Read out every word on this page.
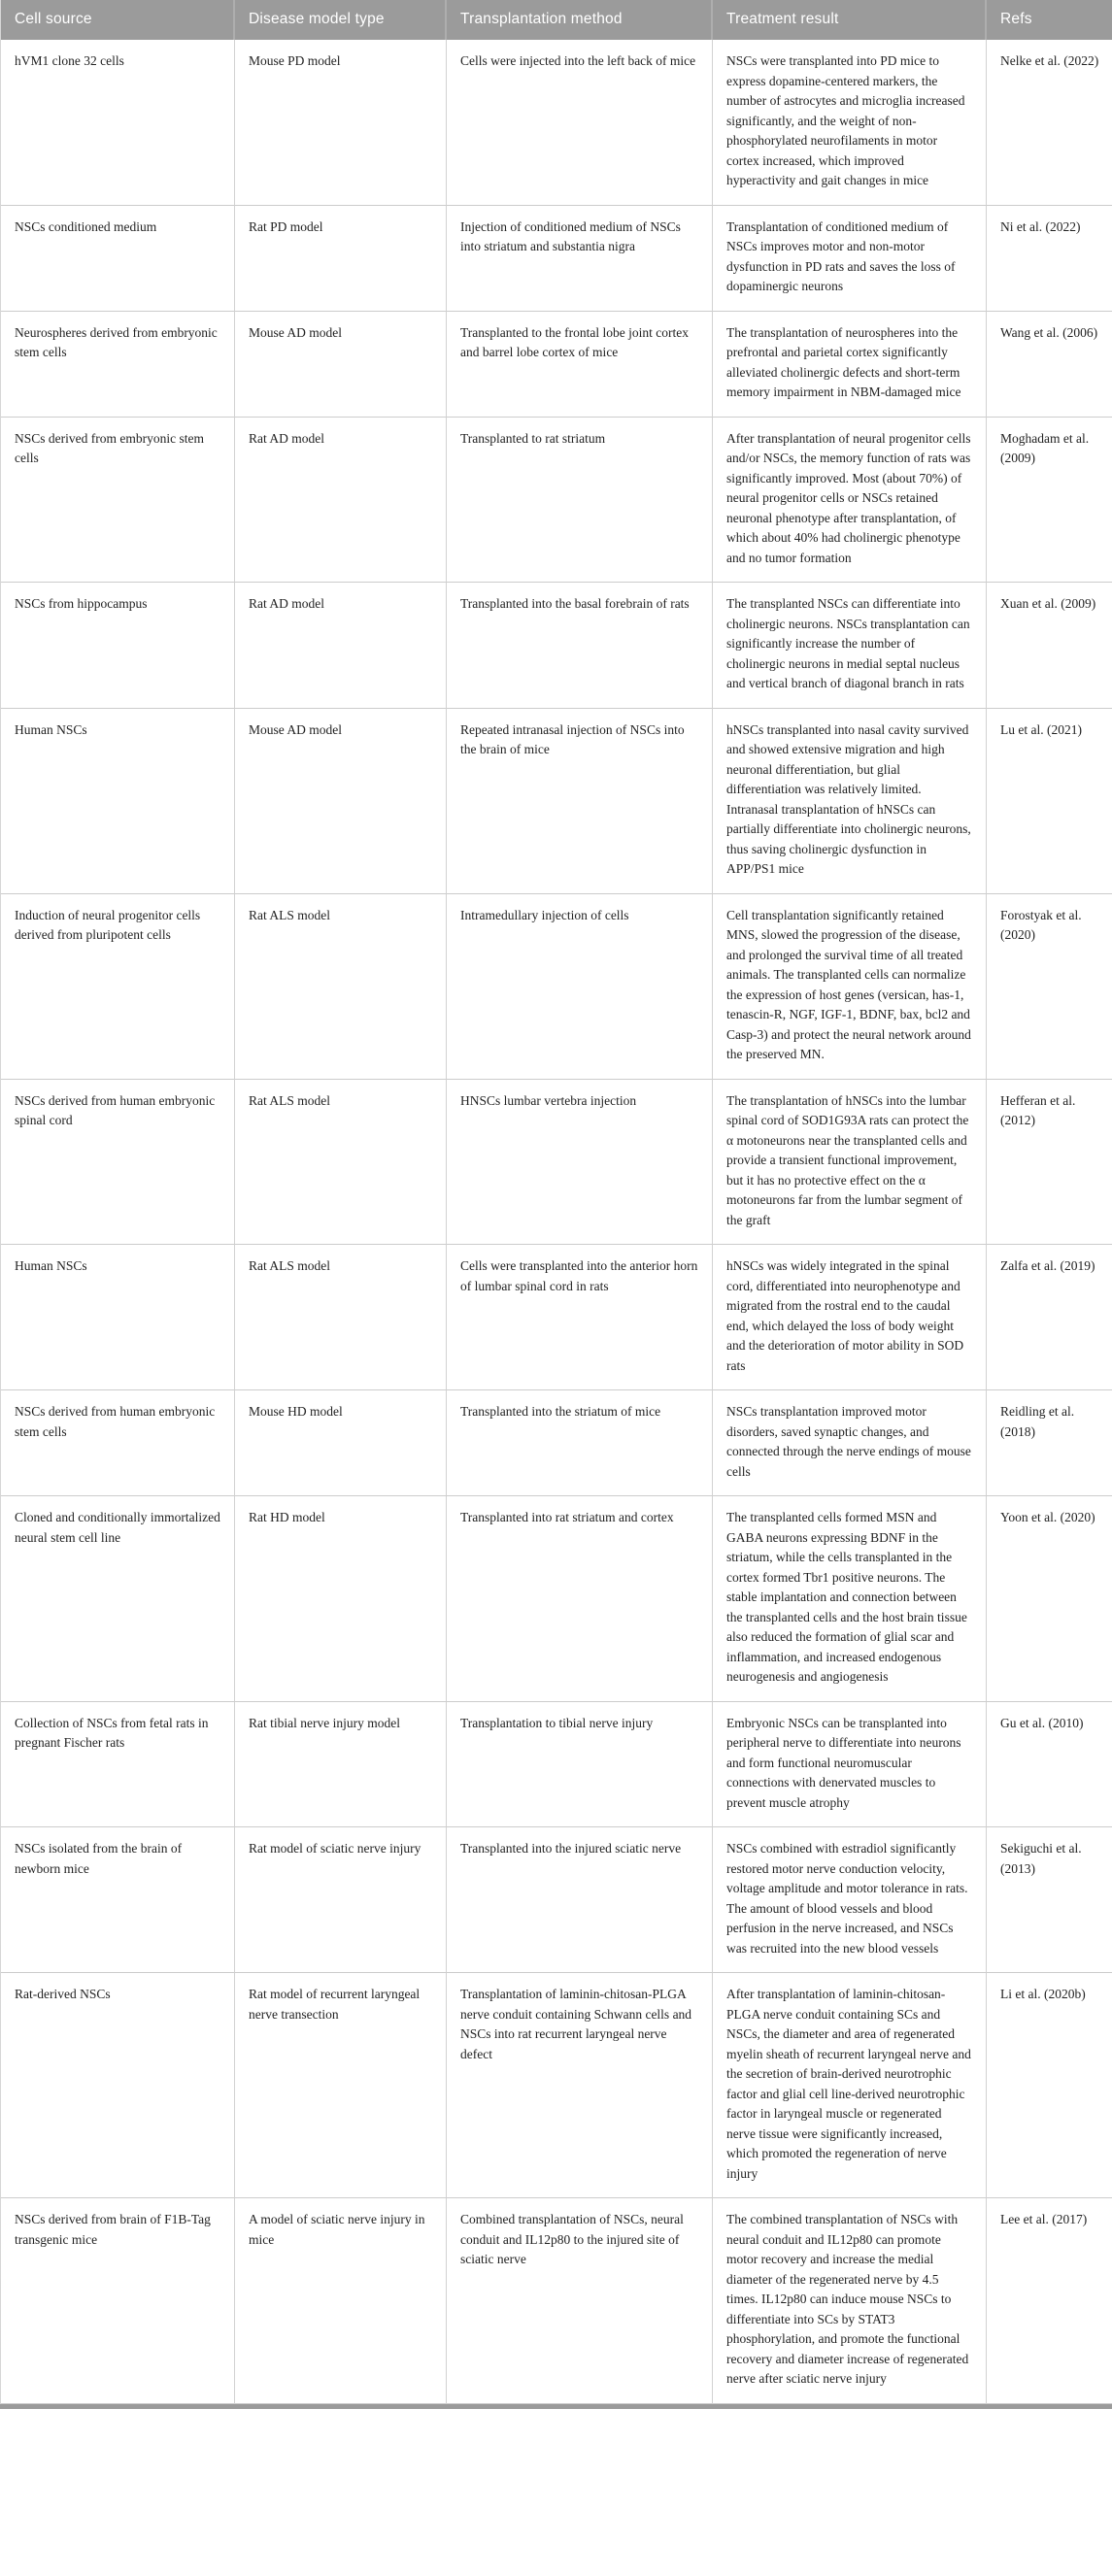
Cell source	Disease model type	Transplantation method	Treatment result	Refs
hVM1 clone 32 cells	Mouse PD model	Cells were injected into the left back of mice	NSCs were transplanted into PD mice to express dopamine-centered markers, the number of astrocytes and microglia increased significantly, and the weight of non-phosphorylated neurofilaments in motor cortex increased, which improved hyperactivity and gait changes in mice	Nelke et al. (2022)
NSCs conditioned medium	Rat PD model	Injection of conditioned medium of NSCs into striatum and substantia nigra	Transplantation of conditioned medium of NSCs improves motor and non-motor dysfunction in PD rats and saves the loss of dopaminergic neurons	Ni et al. (2022)
Neurospheres derived from embryonic stem cells	Mouse AD model	Transplanted to the frontal lobe joint cortex and barrel lobe cortex of mice	The transplantation of neurospheres into the prefrontal and parietal cortex significantly alleviated cholinergic defects and short-term memory impairment in NBM-damaged mice	Wang et al. (2006)
NSCs derived from embryonic stem cells	Rat AD model	Transplanted to rat striatum	After transplantation of neural progenitor cells and/or NSCs, the memory function of rats was significantly improved. Most (about 70%) of neural progenitor cells or NSCs retained neuronal phenotype after transplantation, of which about 40% had cholinergic phenotype and no tumor formation	Moghadam et al. (2009)
NSCs from hippocampus	Rat AD model	Transplanted into the basal forebrain of rats	The transplanted NSCs can differentiate into cholinergic neurons. NSCs transplantation can significantly increase the number of cholinergic neurons in medial septal nucleus and vertical branch of diagonal branch in rats	Xuan et al. (2009)
Human NSCs	Mouse AD model	Repeated intranasal injection of NSCs into the brain of mice	hNSCs transplanted into nasal cavity survived and showed extensive migration and high neuronal differentiation, but glial differentiation was relatively limited. Intranasal transplantation of hNSCs can partially differentiate into cholinergic neurons, thus saving cholinergic dysfunction in APP/PS1 mice	Lu et al. (2021)
Induction of neural progenitor cells derived from pluripotent cells	Rat ALS model	Intramedullary injection of cells	Cell transplantation significantly retained MNS, slowed the progression of the disease, and prolonged the survival time of all treated animals. The transplanted cells can normalize the expression of host genes (versican, has-1, tenascin-R, NGF, IGF-1, BDNF, bax, bcl2 and Casp-3) and protect the neural network around the preserved MN.	Forostyak et al. (2020)
NSCs derived from human embryonic spinal cord	Rat ALS model	HNSCs lumbar vertebra injection	The transplantation of hNSCs into the lumbar spinal cord of SOD1G93A rats can protect the α motoneurons near the transplanted cells and provide a transient functional improvement, but it has no protective effect on the α motoneurons far from the lumbar segment of the graft	Hefferan et al. (2012)
Human NSCs	Rat ALS model	Cells were transplanted into the anterior horn of lumbar spinal cord in rats	hNSCs was widely integrated in the spinal cord, differentiated into neurophenotype and migrated from the rostral end to the caudal end, which delayed the loss of body weight and the deterioration of motor ability in SOD rats	Zalfa et al. (2019)
NSCs derived from human embryonic stem cells	Mouse HD model	Transplanted into the striatum of mice	NSCs transplantation improved motor disorders, saved synaptic changes, and connected through the nerve endings of mouse cells	Reidling et al. (2018)
Cloned and conditionally immortalized neural stem cell line	Rat HD model	Transplanted into rat striatum and cortex	The transplanted cells formed MSN and GABA neurons expressing BDNF in the striatum, while the cells transplanted in the cortex formed Tbr1 positive neurons. The stable implantation and connection between the transplanted cells and the host brain tissue also reduced the formation of glial scar and inflammation, and increased endogenous neurogenesis and angiogenesis	Yoon et al. (2020)
Collection of NSCs from fetal rats in pregnant Fischer rats	Rat tibial nerve injury model	Transplantation to tibial nerve injury	Embryonic NSCs can be transplanted into peripheral nerve to differentiate into neurons and form functional neuromuscular connections with denervated muscles to prevent muscle atrophy	Gu et al. (2010)
NSCs isolated from the brain of newborn mice	Rat model of sciatic nerve injury	Transplanted into the injured sciatic nerve	NSCs combined with estradiol significantly restored motor nerve conduction velocity, voltage amplitude and motor tolerance in rats. The amount of blood vessels and blood perfusion in the nerve increased, and NSCs was recruited into the new blood vessels	Sekiguchi et al. (2013)
Rat-derived NSCs	Rat model of recurrent laryngeal nerve transection	Transplantation of laminin-chitosan-PLGA nerve conduit containing Schwann cells and NSCs into rat recurrent laryngeal nerve defect	After transplantation of laminin-chitosan-PLGA nerve conduit containing SCs and NSCs, the diameter and area of regenerated myelin sheath of recurrent laryngeal nerve and the secretion of brain-derived neurotrophic factor and glial cell line-derived neurotrophic factor in laryngeal muscle or regenerated nerve tissue were significantly increased, which promoted the regeneration of nerve injury	Li et al. (2020b)
NSCs derived from brain of F1B-Tag transgenic mice	A model of sciatic nerve injury in mice	Combined transplantation of NSCs, neural conduit and IL12p80 to the injured site of sciatic nerve	The combined transplantation of NSCs with neural conduit and IL12p80 can promote motor recovery and increase the medial diameter of the regenerated nerve by 4.5 times. IL12p80 can induce mouse NSCs to differentiate into SCs by STAT3 phosphorylation, and promote the functional recovery and diameter increase of regenerated nerve after sciatic nerve injury	Lee et al. (2017)
